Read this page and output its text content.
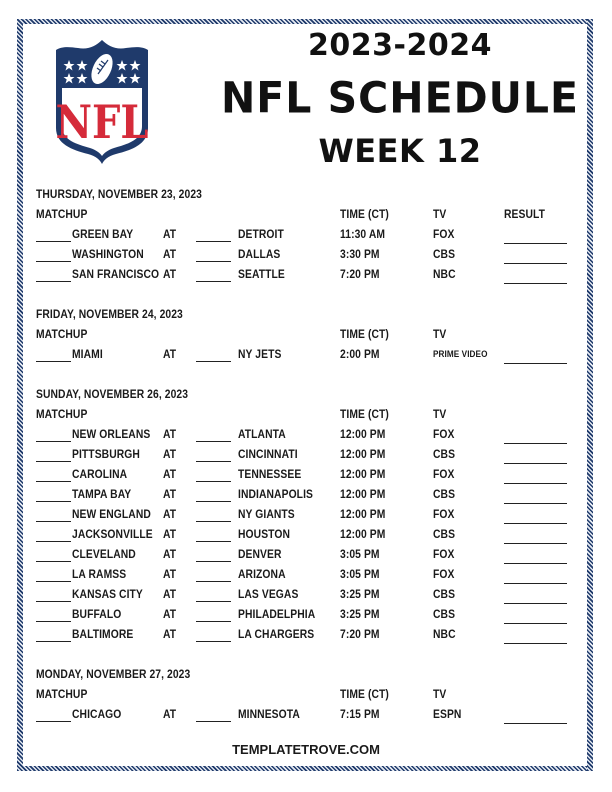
NFL
2023-2024
NFL SCHEDULE
WEEK 12
THURSDAY, NOVEMBER 23, 2023
MATCHUP	TIME (CT)	TV	RESULT
GREEN BAY AT	DETROIT	11:30 AM	FOX
WASHINGTON AT	DALLAS	3:30 PM	CBS
SAN FRANCISCO AT	SEATTLE	7:20 PM	NBC
FRIDAY, NOVEMBER 24, 2023
MATCHUP	TIME (CT)	TV
MIAMI	AT	NY JETS	2:00 PM	PRIME VIDEO
SUNDAY, NOVEMBER 26, 2023
MATCHUP	TIME (CT)	TV
NEW ORLEANS AT	ATLANTA	12:00 PM	FOX
PITTSBURGH AT	CINCINNATI	12:00 PM	CBS
CAROLINA	AT	TENNESSEE	12:00 PM	FOX
TAMPA BAY	AT	INDIANAPOLIS 12:00 PM	CBS
NEW ENGLAND AT	NY GIANTS	12:00 PM	FOX
JACKSONVILLE AT	HOUSTON	12:00 PM	CBS
CLEVELAND AT	DENVER	3:05 PM	FOX
LA RAMSS	AT	ARIZONA	3:05 PM	FOX
KANSAS CITY AT	LAS VEGAS	3:25 PM	CBS
BUFFALO	AT	PHILADELPHIA 3:25 PM	CBS
BALTIMORE AT	LA CHARGERS 7:20 PM	NBC
MONDAY, NOVEMBER 27, 2023
MATCHUP	TIME (CT)	TV
CHICAGO	AT	MINNESOTA	7:15 PM	ESPN
TEMPLATETROVE.COM
